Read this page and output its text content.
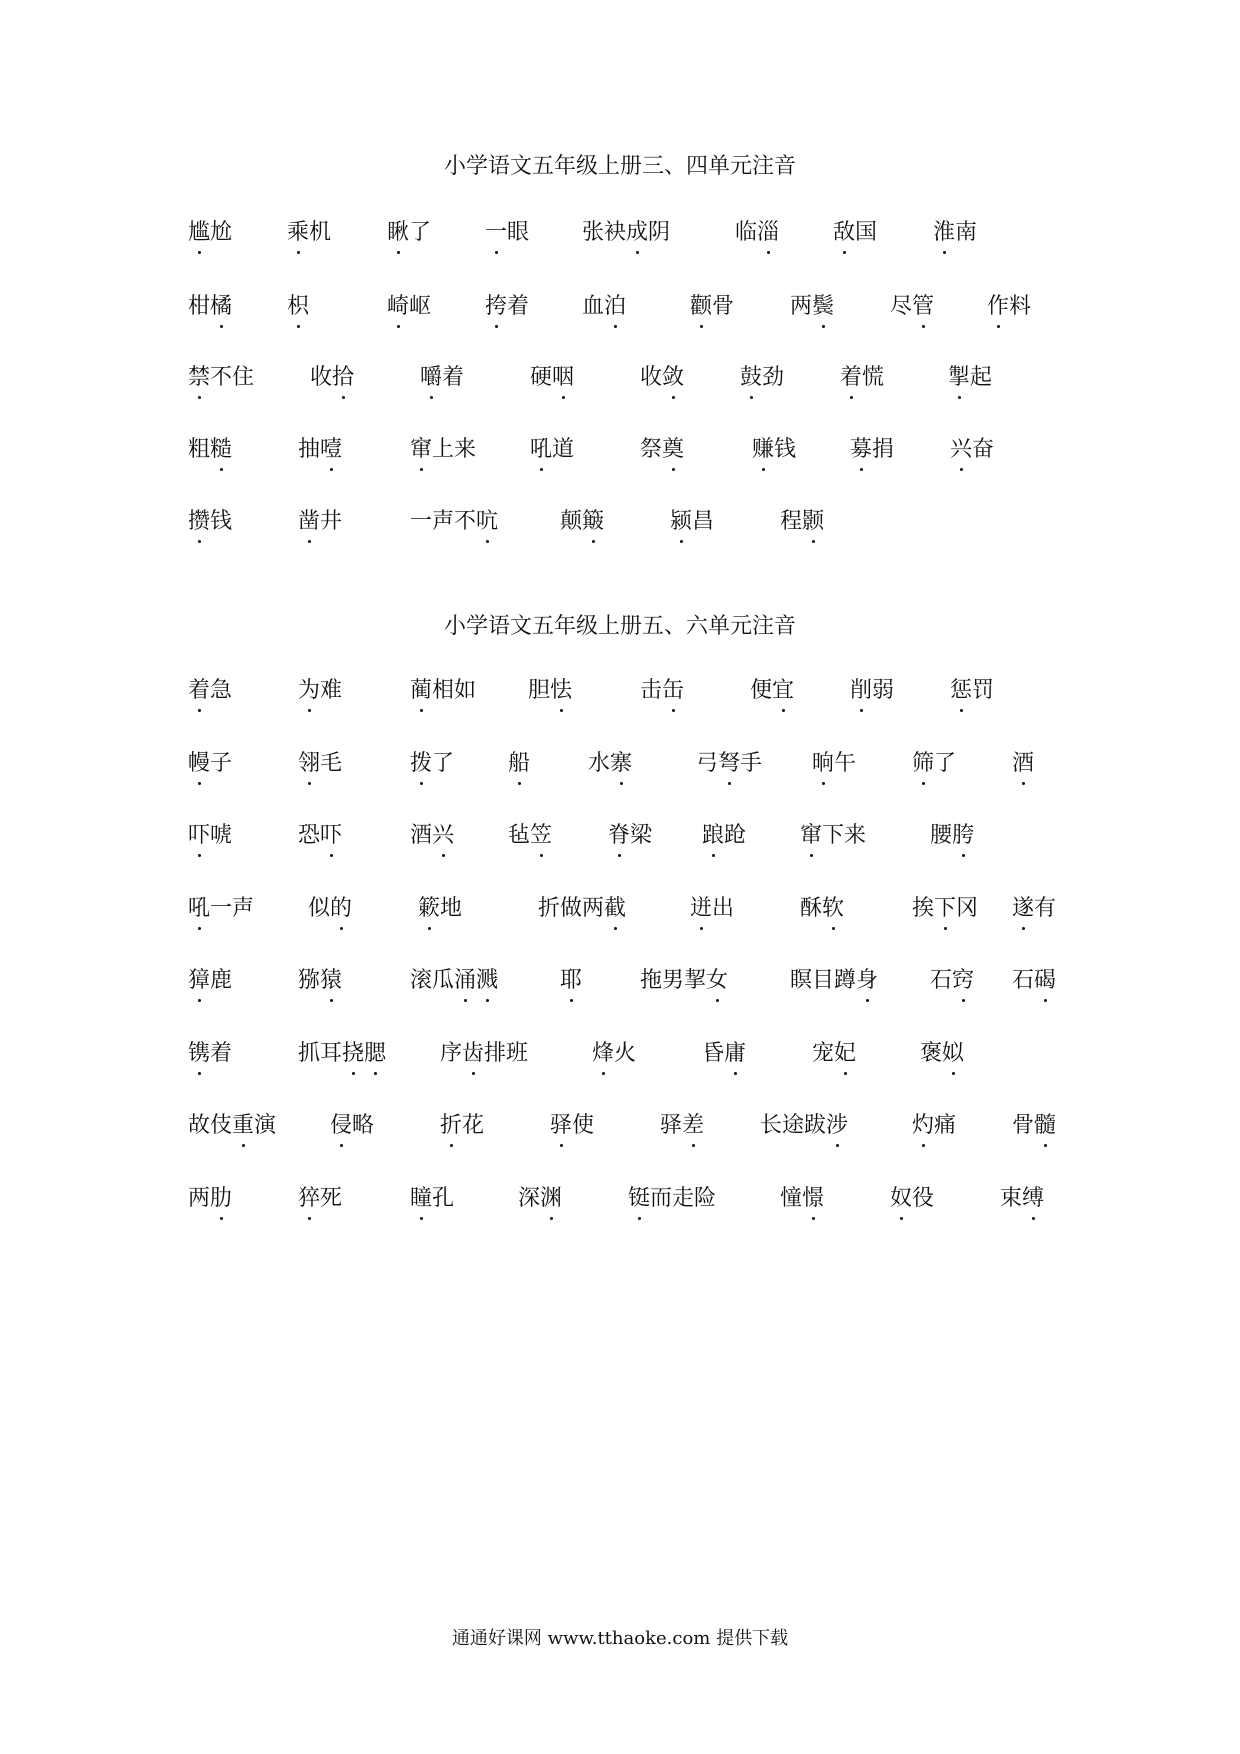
小学语文五年级上册三、四单元注音
尴尬 乘机	瞅了 一眼 张袂成阴	临淄 敌国	淮南
柑橘 枳	崎岖 挎着 血泊	颧骨	两鬓	尽管 作料
禁不住	收拾	嚼着	硬咽	收敛	鼓劲	着慌	掣起
粗糙	抽噎	窜上来 吼道	祭奠	赚钱 募捐	兴奋
攒钱	凿井	一声不吭	颠簸	颍昌	程颢
小学语文五年级上册五、六单元注音
着急	为难	蔺相如 胆怯	击缶	便宜	削弱	惩罚
幔子	翎毛	拨了 船	水寨	弓弩手 晌午	筛了	酒
吓唬	恐吓	酒兴 毡笠	脊梁 踉跄 窜下来	腰胯
吼一声 似的	簌地	折做两截	迸出	酥软	挨下冈 遂有
獐鹿	猕猿	滚瓜涌溅	耶	拖男挈女	瞑目蹲身 石窍 石碣
镌着	抓耳挠腮 序齿排班	烽火	昏庸	宠妃	褒姒
故伎重演 侵略	折花	驿使	驿差	长途跋涉	灼痛	骨髓
两肋	猝死	瞳孔	深渊	铤而走险	憧憬	奴役	束缚
通通好课网 www.tthaoke.com 提供下载
